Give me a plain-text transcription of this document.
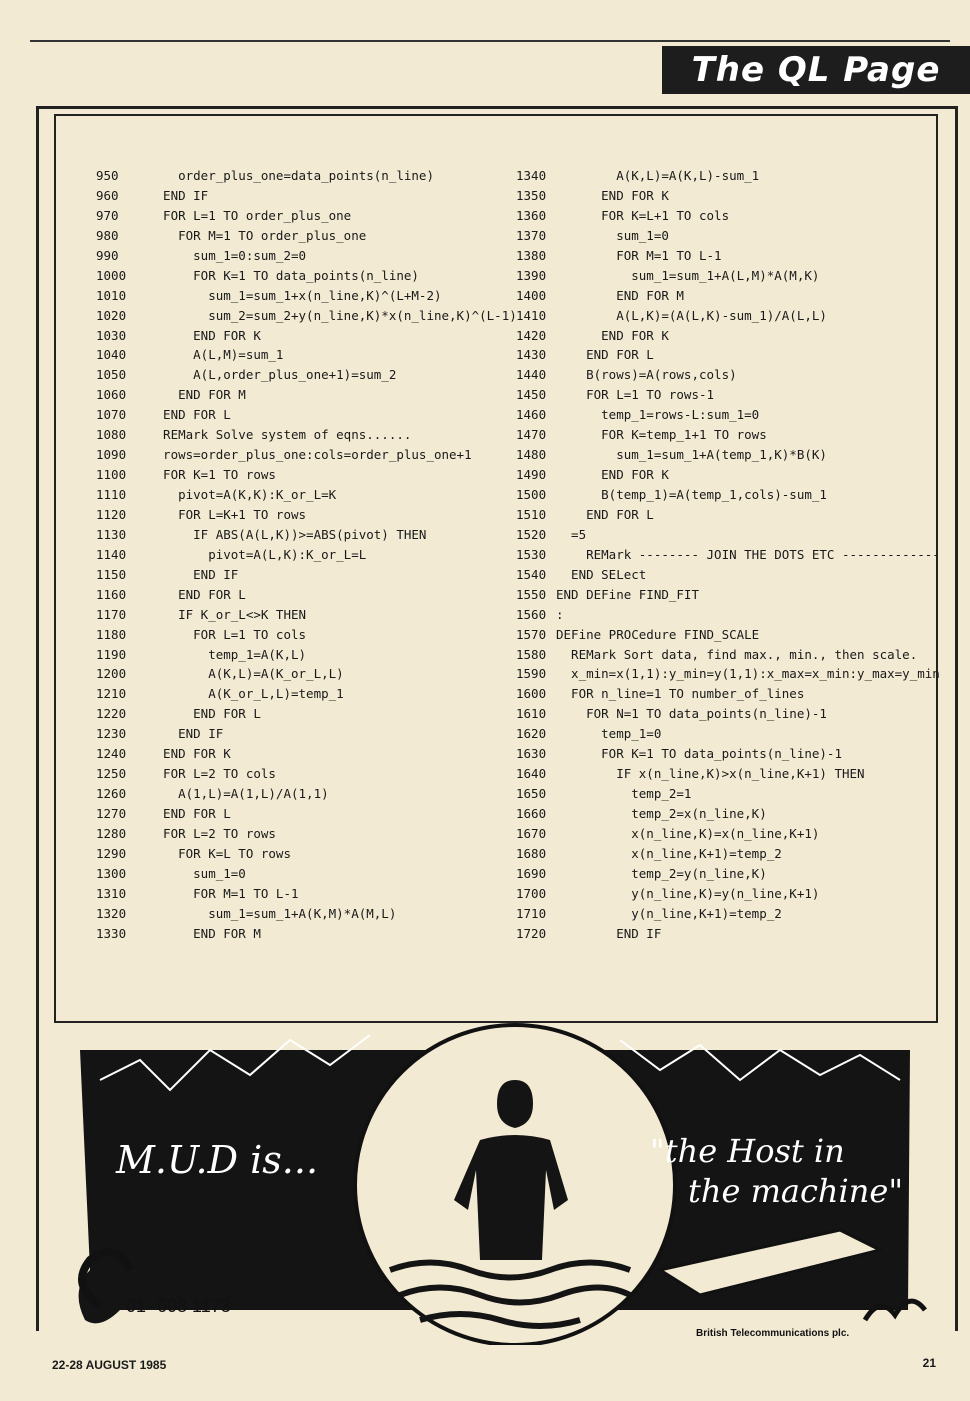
The QL Page
950	order_plus_one=data_points(n_line)
960	END IF
970	FOR L=1 TO order_plus_one
980	FOR M=1 TO order_plus_one
990	sum_1=0:sum_2=0
1000	FOR K=1 TO data_points(n_line)
1010	sum_1=sum_1+x(n_line,K)^(L+M-2)
1020	sum_2=sum_2+y(n_line,K)*x(n_line,K)^(L-1)
1030	END FOR K
1040	A(L,M)=sum_1
1050	A(L,order_plus_one+1)=sum_2
1060	END FOR M
1070	END FOR L
1080	REMark Solve system of eqns......
1090	rows=order_plus_one:cols=order_plus_one+1
1100	FOR K=1 TO rows
1110	pivot=A(K,K):K_or_L=K
1120	FOR L=K+1 TO rows
1130	IF ABS(A(L,K))>=ABS(pivot) THEN
1140	pivot=A(L,K):K_or_L=L
1150	END IF
1160	END FOR L
1170	IF K_or_L<>K THEN
1180	FOR L=1 TO cols
1190	temp_1=A(K,L)
1200	A(K,L)=A(K_or_L,L)
1210	A(K_or_L,L)=temp_1
1220	END FOR L
1230	END IF
1240	END FOR K
1250	FOR L=2 TO cols
1260	A(1,L)=A(1,L)/A(1,1)
1270	END FOR L
1280	FOR L=2 TO rows
1290	FOR K=L TO rows
1300	sum_1=0
1310	FOR M=1 TO L-1
1320	sum_1=sum_1+A(K,M)*A(M,L)
1330	END FOR M
1340 A(K,L)=A(K,L)-sum_1
1350 END FOR K
1360 FOR K=L+1 TO cols
1370 sum_1=0
1380 FOR M=1 TO L-1
1390 sum_1=sum_1+A(L,M)*A(M,K)
1400 END FOR M
1410 A(L,K)=(A(L,K)-sum_1)/A(L,L)
1420 END FOR K
1430 END FOR L
1440 B(rows)=A(rows,cols)
1450 FOR L=1 TO rows-1
1460 temp_1=rows-L:sum_1=0
1470 FOR K=temp_1+1 TO rows
1480 sum_1=sum_1+A(temp_1,K)*B(K)
1490 END FOR K
1500 B(temp_1)=A(temp_1,cols)-sum_1
1510 END FOR L
1520 =5
1530 REMark -------- JOIN THE DOTS ETC -------------
1540 END SELect
1550 END DEFine FIND_FIT
1560 :
1570 DEFine PROCedure FIND_SCALE
1580 REMark Sort data, find max., min., then scale.
1590 x_min=x(1,1):y_min=y(1,1):x_max=x_min:y_max=y_min
1600 FOR n_line=1 TO number_of_lines
1610 FOR N=1 TO data_points(n_line)-1
1620 temp_1=0
1630 FOR K=1 TO data_points(n_line)-1
1640 IF x(n_line,K)>x(n_line,K+1) THEN
1650 temp_2=1
1660 temp_2=x(n_line,K)
1670 x(n_line,K)=x(n_line,K+1)
1680 x(n_line,K+1)=temp_2
1690 temp_2=y(n_line,K)
1700 y(n_line,K)=y(n_line,K+1)
1710 y(n_line,K+1)=temp_2
1720 END IF
M.U.D is...	"the Host in
the machine"
01- 608 1173
British Telecommunications plc.
22-28 AUGUST 1985	21
